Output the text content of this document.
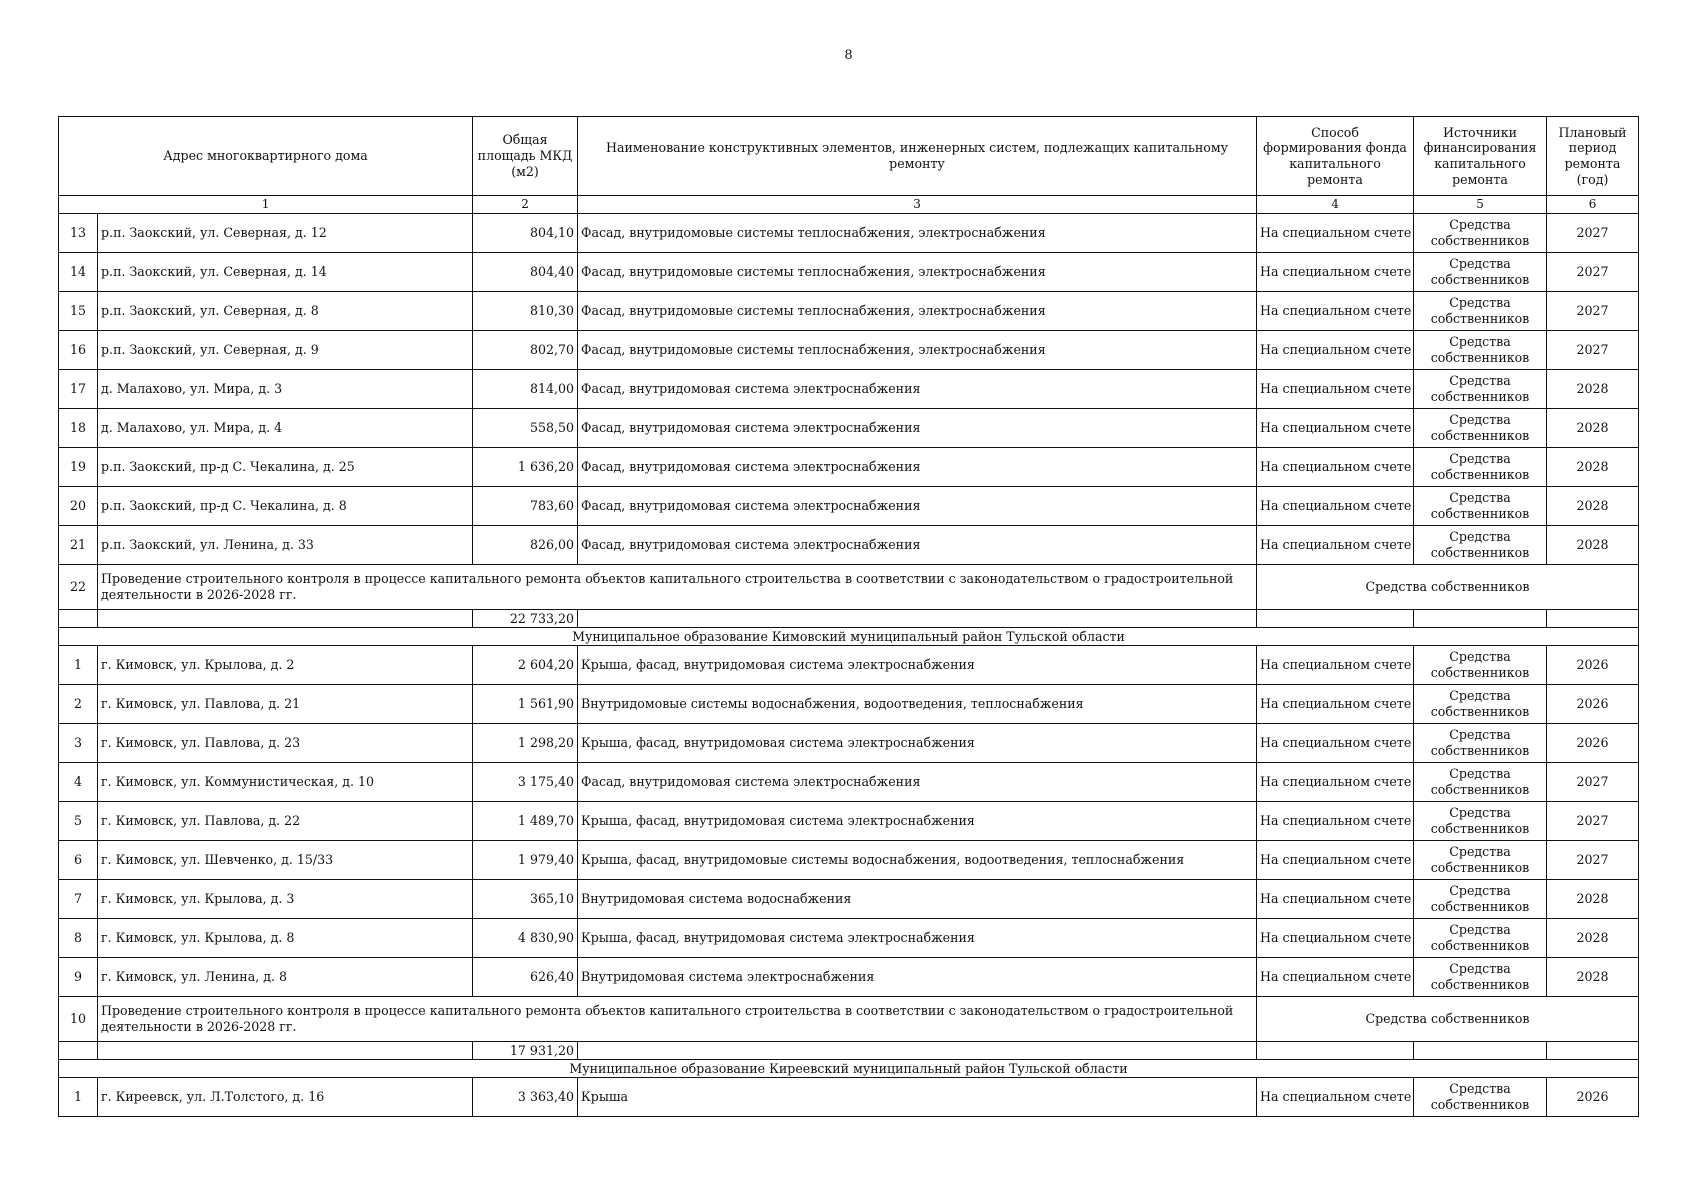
8
Адрес многоквартирного дома		Общая площадь МКД (м2)	Наименование конструктивных элементов, инженерных систем, подлежащих капитальному ремонту	Способ формирования фонда капитального ремонта	Источники финансирования капитального ремонта	Плановый период ремонта (год)
1		2	3	4	5	6
13	р.п. Заокский, ул. Северная, д. 12	804,10	Фасад, внутридомовые системы теплоснабжения, электроснабжения	На специальном счете	Средства собственников	2027
14	р.п. Заокский, ул. Северная, д. 14	804,40	Фасад, внутридомовые системы теплоснабжения, электроснабжения	На специальном счете	Средства собственников	2027
15	р.п. Заокский, ул. Северная, д. 8	810,30	Фасад, внутридомовые системы теплоснабжения, электроснабжения	На специальном счете	Средства собственников	2027
16	р.п. Заокский, ул. Северная, д. 9	802,70	Фасад, внутридомовые системы теплоснабжения, электроснабжения	На специальном счете	Средства собственников	2027
17	д. Малахово, ул. Мира, д. 3	814,00	Фасад, внутридомовая система электроснабжения	На специальном счете	Средства собственников	2028
18	д. Малахово, ул. Мира, д. 4	558,50	Фасад, внутридомовая система электроснабжения	На специальном счете	Средства собственников	2028
19	р.п. Заокский, пр-д С. Чекалина, д. 25	1 636,20	Фасад, внутридомовая система электроснабжения	На специальном счете	Средства собственников	2028
20	р.п. Заокский, пр-д С. Чекалина, д. 8	783,60	Фасад, внутридомовая система электроснабжения	На специальном счете	Средства собственников	2028
21	р.п. Заокский, ул. Ленина, д. 33	826,00	Фасад, внутридомовая система электроснабжения	На специальном счете	Средства собственников	2028
22	Проведение строительного контроля в процессе капитального ремонта объектов капитального строительства в соответствии с законодательством о градостроительной деятельности в 2026-2028 гг.			Средства собственников		
		22 733,20				
Муниципальное образование Кимовский муниципальный район Тульской области						
1	г. Кимовск, ул. Крылова, д. 2	2 604,20	Крыша, фасад, внутридомовая система электроснабжения	На специальном счете	Средства собственников	2026
2	г. Кимовск, ул. Павлова, д. 21	1 561,90	Внутридомовые системы водоснабжения, водоотведения, теплоснабжения	На специальном счете	Средства собственников	2026
3	г. Кимовск, ул. Павлова, д. 23	1 298,20	Крыша, фасад, внутридомовая система электроснабжения	На специальном счете	Средства собственников	2026
4	г. Кимовск, ул. Коммунистическая, д. 10	3 175,40	Фасад, внутридомовая система электроснабжения	На специальном счете	Средства собственников	2027
5	г. Кимовск, ул. Павлова, д. 22	1 489,70	Крыша, фасад, внутридомовая система электроснабжения	На специальном счете	Средства собственников	2027
6	г. Кимовск, ул. Шевченко, д. 15/33	1 979,40	Крыша, фасад, внутридомовые системы водоснабжения, водоотведения, теплоснабжения	На специальном счете	Средства собственников	2027
7	г. Кимовск, ул. Крылова, д. 3	365,10	Внутридомовая система водоснабжения	На специальном счете	Средства собственников	2028
8	г. Кимовск, ул. Крылова, д. 8	4 830,90	Крыша, фасад, внутридомовая система электроснабжения	На специальном счете	Средства собственников	2028
9	г. Кимовск, ул. Ленина, д. 8	626,40	Внутридомовая система электроснабжения	На специальном счете	Средства собственников	2028
10	Проведение строительного контроля в процессе капитального ремонта объектов капитального строительства в соответствии с законодательством о градостроительной деятельности в 2026-2028 гг.			Средства собственников		
		17 931,20				
Муниципальное образование Киреевский муниципальный район Тульской области						
1	г. Киреевск, ул. Л.Толстого, д. 16	3 363,40	Крыша	На специальном счете	Средства собственников	2026
